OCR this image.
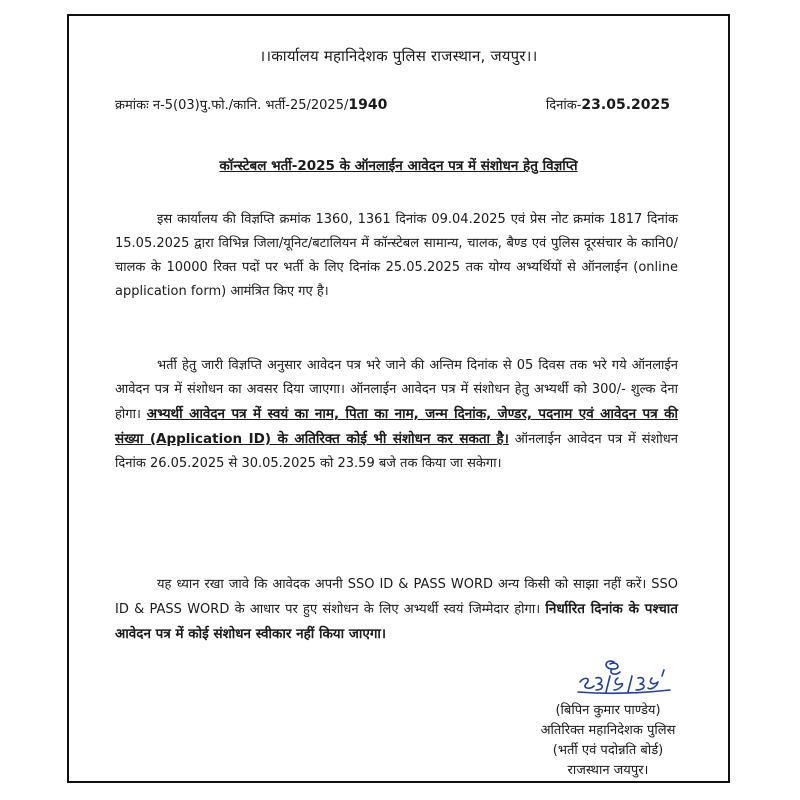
।।कार्यालय महानिदेशक पुलिस राजस्थान, जयपुर।।
क्रमांकः न-5(03)पु.फो./कानि. भर्ती-25/2025/1940	दिनांक-23.05.2025
कॉन्स्टेबल भर्ती-2025 के ऑनलाईन आवेदन पत्र में संशोधन हेतु विज्ञप्ति

इस कार्यालय की विज्ञप्ति क्रमांक 1360, 1361 दिनांक 09.04.2025 एवं प्रेस नोट क्रमांक 1817 दिनांक 15.05.2025 द्वारा विभिन्न जिला/यूनिट/बटालियन में कॉन्स्टेबल सामान्य, चालक, बैण्ड एवं पुलिस दूरसंचार के कानि0/चालक के 10000 रिक्त पदों पर भर्ती के लिए दिनांक 25.05.2025 तक योग्य अभ्यर्थियों से ऑनलाईन (online application form) आमंत्रित किए गए है।

भर्ती हेतु जारी विज्ञप्ति अनुसार आवेदन पत्र भरे जाने की अन्तिम दिनांक से 05 दिवस तक भरे गये ऑनलाईन आवेदन पत्र में संशोधन का अवसर दिया जाएगा। ऑनलाईन आवेदन पत्र में संशोधन हेतु अभ्यर्थी को 300/- शुल्क देना होगा। अभ्यर्थी आवेदन पत्र में स्वयं का नाम, पिता का नाम, जन्म दिनांक, जेण्डर, पदनाम एवं आवेदन पत्र की संख्या (Application ID) के अतिरिक्त कोई भी संशोधन कर सकता है। ऑनलाईन आवेदन पत्र में संशोधन दिनांक 26.05.2025 से 30.05.2025 को 23.59 बजे तक किया जा सकेगा।

यह ध्यान रखा जावे कि आवेदक अपनी SSO ID & PASS WORD अन्य किसी को साझा नहीं करें। SSO ID & PASS WORD के आधार पर हुए संशोधन के लिए अभ्यर्थी स्वयं जिम्मेदार होगा। निर्धारित दिनांक के पश्चात आवेदन पत्र में कोई संशोधन स्वीकार नहीं किया जाएगा।

(बिपिन कुमार पाण्डेय)
अतिरिक्त महानिदेशक पुलिस
(भर्ती एवं पदोन्नति बोर्ड)
राजस्थान जयपुर।
